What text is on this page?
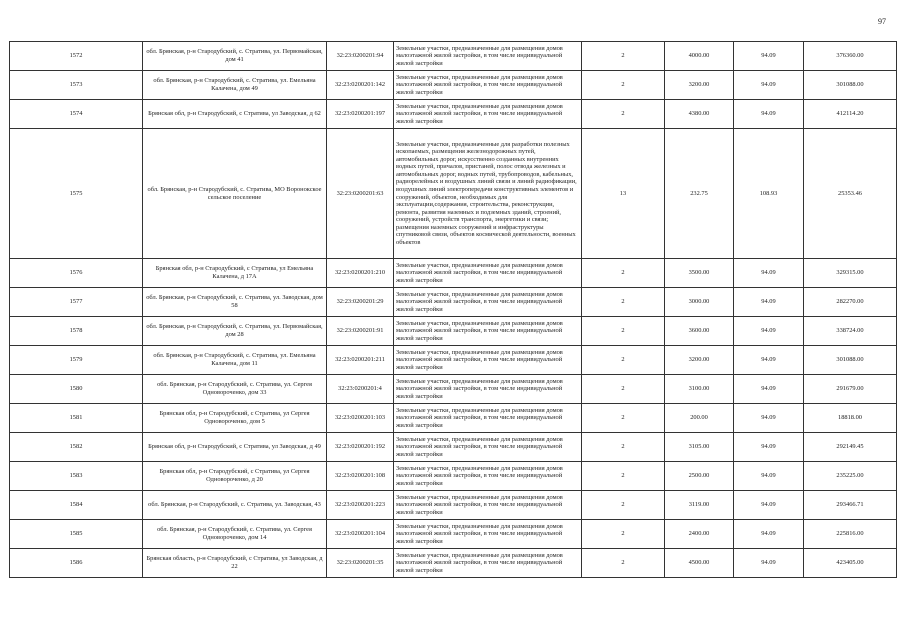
97
1572	обл. Брянская, р-н Стародубский, с. Стратива, ул. Первомайская, дом 41	32:23:0200201:94	Земельные участки, предназначенные для размещения домов малоэтажной жилой застройки, в том числе индивидуальной жилой застройки	2	4000.00	94.09	376360.00
1573	обл. Брянская, р-н Стародубский, с. Стратива, ул. Емельяна Калачена, дом 49	32:23:0200201:142	Земельные участки, предназначенные для размещения домов малоэтажной жилой застройки, в том числе индивидуальной жилой застройки	2	3200.00	94.09	301088.00
1574	Брянская обл, р-н Стародубский, с Стратива, ул Заводская, д 62	32:23:0200201:197	Земельные участки, предназначенные для размещения домов малоэтажной жилой застройки, в том числе индивидуальной жилой застройки	2	4380.00	94.09	412114.20
1575	обл. Брянская, р-н Стародубский, с. Стратива, МО Воронокское сельское поселение	32:23:0200201:63	Земельные участки, предназначенные для разработки полезных ископаемых, размещения железнодорожных путей, автомобильных дорог, искусственно созданных внутренних водных путей, причалов, пристаней, полос отвода железных и автомобильных дорог, водных путей, трубопроводов, кабельных, радиорелейных и воздушных линий связи и линий радиофикации, воздушных линий электропередачи конструктивных элементов и сооружений, объектов, необходимых для эксплуатации,содержания, строительства, реконструкции, ремонта, развития наземных и подземных зданий, строений, сооружений, устройств транспорта, энергетики и связи; размещения наземных сооружений и инфраструктуры спутниковой связи, объектов космической деятельности, военных объектов	13	232.75	108.93	25353.46
1576	Брянская обл, р-н Стародубский, с Стратива, ул Емельяна Калачена, д 17А	32:23:0200201:210	Земельные участки, предназначенные для размещения домов малоэтажной жилой застройки, в том числе индивидуальной жилой застройки	2	3500.00	94.09	329315.00
1577	обл. Брянская, р-н Стародубский, с. Стратива, ул. Заводская, дом 58	32:23:0200201:29	Земельные участки, предназначенные для размещения домов малоэтажной жилой застройки, в том числе индивидуальной жилой застройки	2	3000.00	94.09	282270.00
1578	обл. Брянская, р-н Стародубский, с. Стратива, ул. Первомайская, дом 28	32:23:0200201:91	Земельные участки, предназначенные для размещения домов малоэтажной жилой застройки, в том числе индивидуальной жилой застройки	2	3600.00	94.09	338724.00
1579	обл. Брянская, р-н Стародубский, с. Стратива, ул. Емельяна Калачена, дом 11	32:23:0200201:211	Земельные участки, предназначенные для размещения домов малоэтажной жилой застройки, в том числе индивидуальной жилой застройки	2	3200.00	94.09	301088.00
1580	обл. Брянская, р-н Стародубский, с. Стратива, ул. Сергея Одновороченко, дом 33	32:23:0200201:4	Земельные участки, предназначенные для размещения домов малоэтажной жилой застройки, в том числе индивидуальной жилой застройки	2	3100.00	94.09	291679.00
1581	Брянская обл, р-н Стародубский, с Стратива, ул Сергея Одновороченко, дом 5	32:23:0200201:103	Земельные участки, предназначенные для размещения домов малоэтажной жилой застройки, в том числе индивидуальной жилой застройки	2	200.00	94.09	18818.00
1582	Брянская обл, р-н Стародубский, с Стратива, ул Заводская, д 49	32:23:0200201:192	Земельные участки, предназначенные для размещения домов малоэтажной жилой застройки, в том числе индивидуальной жилой застройки	2	3105.00	94.09	292149.45
1583	Брянская обл, р-н Стародубский, с Стратива, ул Сергея Одновороченко, д 20	32:23:0200201:108	Земельные участки, предназначенные для размещения домов малоэтажной жилой застройки, в том числе индивидуальной жилой застройки	2	2500.00	94.09	235225.00
1584	обл. Брянская, р-н Стародубский, с. Стратива, ул. Заводская, 43	32:23:0200201:223	Земельные участки, предназначенные для размещения домов малоэтажной жилой застройки, в том числе индивидуальной жилой застройки	2	3119.00	94.09	293466.71
1585	обл. Брянская, р-н Стародубский, с. Стратива, ул. Сергея Одновороченко, дом 14	32:23:0200201:104	Земельные участки, предназначенные для размещения домов малоэтажной жилой застройки, в том числе индивидуальной жилой застройки	2	2400.00	94.09	225816.00
1586	Брянская область, р-н Стародубский, с Стратива, ул Заводская, д 22	32:23:0200201:35	Земельные участки, предназначенные для размещения домов малоэтажной жилой застройки, в том числе индивидуальной жилой застройки	2	4500.00	94.09	423405.00
